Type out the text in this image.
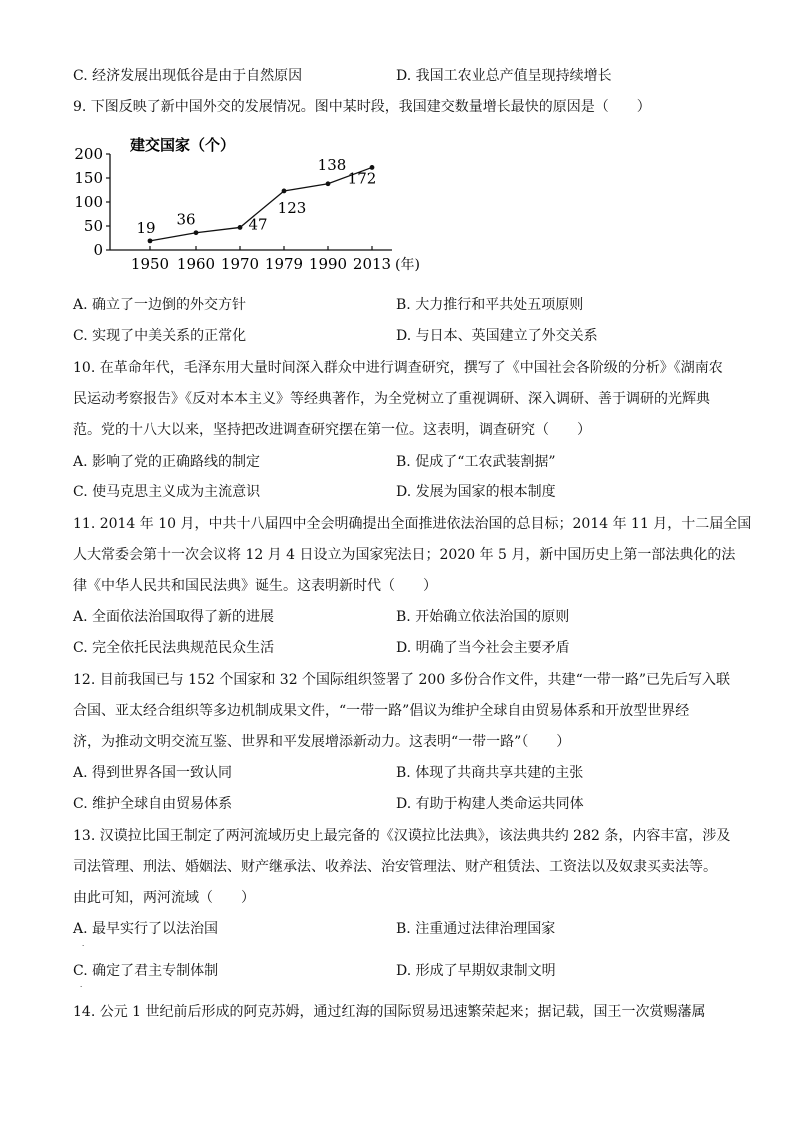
C. 经济发展出现低谷是由于自然原因	D. 我国工农业总产值呈现持续增长
9. 下图反映了新中国外交的发展情况。图中某时段，我国建交数量增长最快的原因是（　　）
0
50
100
150
200
1950 1960 1970 1979 1990 2013
19 36	47
123
138
172
建交国家（个）
(年)
A. 确立了一边倒的外交方针	B. 大力推行和平共处五项原则
C. 实现了中美关系的正常化	D. 与日本、英国建立了外交关系
10. 在革命年代，毛泽东用大量时间深入群众中进行调查研究，撰写了《中国社会各阶级的分析》《湖南农
民运动考察报告》《反对本本主义》等经典著作，为全党树立了重视调研、深入调研、善于调研的光辉典
范。党的十八大以来，坚持把改进调查研究摆在第一位。这表明，调查研究（　　）
A. 影响了党的正确路线的制定	B. 促成了“工农武装割据”
C. 使马克思主义成为主流意识	D. 发展为国家的根本制度
11. 2014 年 10 月，中共十八届四中全会明确提出全面推进依法治国的总目标；2014 年 11 月，十二届全国
人大常委会第十一次会议将 12 月 4 日设立为国家宪法日；2020 年 5 月，新中国历史上第一部法典化的法
律《中华人民共和国民法典》诞生。这表明新时代（　　）
A. 全面依法治国取得了新的进展	B. 开始确立依法治国的原则
C. 完全依托民法典规范民众生活	D. 明确了当今社会主要矛盾
12. 目前我国已与 152 个国家和 32 个国际组织签署了 200 多份合作文件，共建“一带一路”已先后写入联
合国、亚太经合组织等多边机制成果文件，“一带一路”倡议为维护全球自由贸易体系和开放型世界经
济，为推动文明交流互鉴、世界和平发展增添新动力。这表明“一带一路”（　　）
A. 得到世界各国一致认同	B. 体现了共商共享共建的主张
C. 维护全球自由贸易体系	D. 有助于构建人类命运共同体
13. 汉谟拉比国王制定了两河流域历史上最完备的《汉谟拉比法典》，该法典共约 282 条，内容丰富，涉及
司法管理、刑法、婚姻法、财产继承法、收养法、治安管理法、财产租赁法、工资法以及奴隶买卖法等。
由此可知，两河流域（　　）
A. 最早实行了以法治国	B. 注重通过法律治理国家
.
C. 确定了君主专制体制	D. 形成了早期奴隶制文明
.
14. 公元 1 世纪前后形成的阿克苏姆，通过红海的国际贸易迅速繁荣起来；据记载，国王一次赏赐藩属
